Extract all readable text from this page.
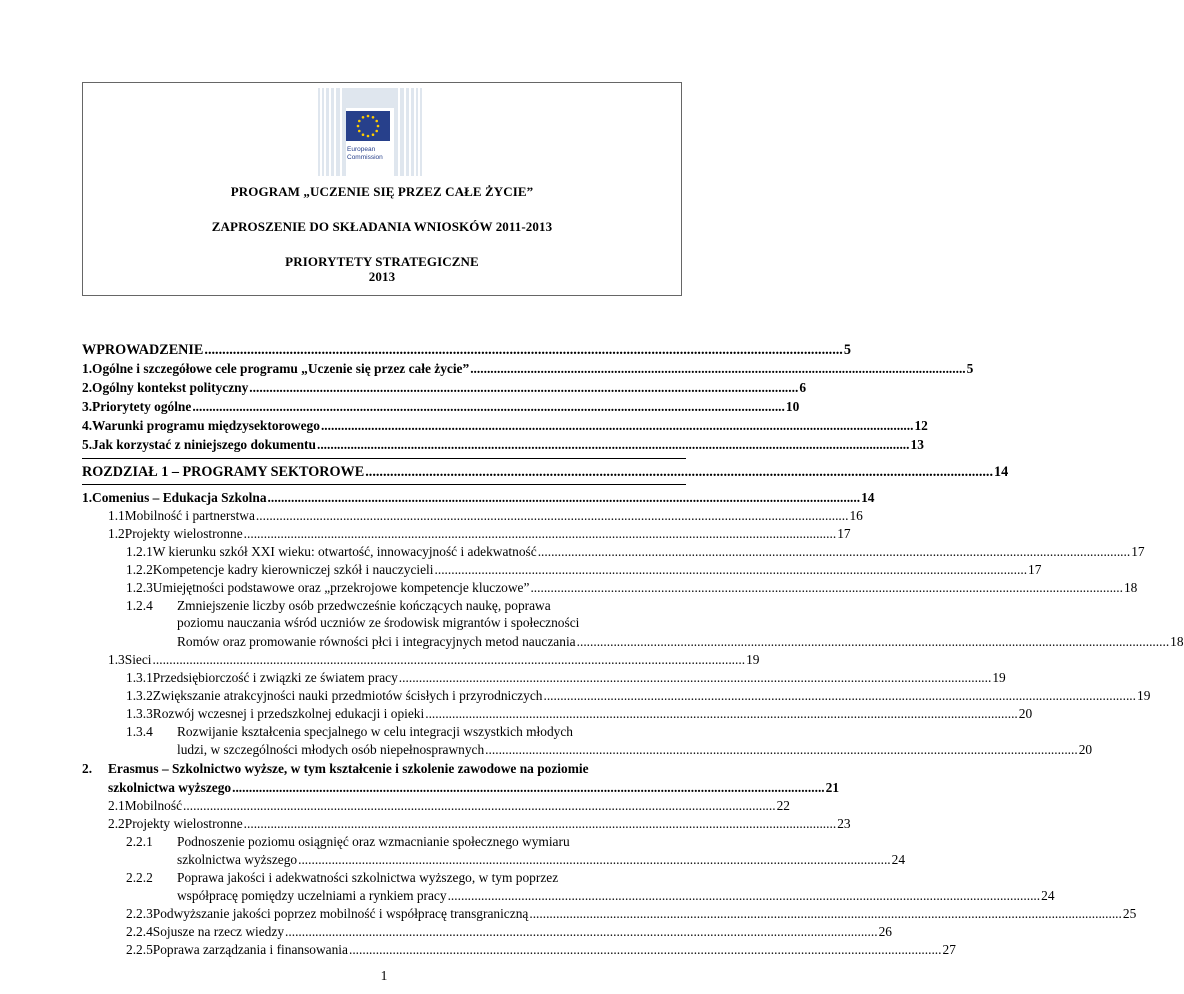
European
Commission
PROGRAM „UCZENIE SIĘ PRZEZ CAŁE ŻYCIE”
ZAPROSZENIE DO SKŁADANIA WNIOSKÓW 2011-2013
PRIORYTETY STRATEGICZNE
2013
WPROWADZENIE .................................................................................................................................................................................... 5
1. Ogólne i szczegółowe cele programu „Uczenie się przez całe życie” .................................................................................................................................................... 5
2. Ogólny kontekst polityczny .................................................................................................................................................................... 6
3. Priorytety ogólne ................................................................................................................................................................................. 10
4. Warunki programu międzysektorowego ................................................................................................................................................................................. 12
5. Jak korzystać z niniejszego dokumentu ................................................................................................................................................................................. 13
ROZDZIAŁ 1 – PROGRAMY SEKTOROWE ................................................................................................................................................................................. 14
1. Comenius – Edukacja Szkolna ................................................................................................................................................................................. 14
1.1 Mobilność i partnerstwa ................................................................................................................................................................................. 16
1.2 Projekty wielostronne ................................................................................................................................................................................. 17
1.2.1 W kierunku szkół XXI wieku: otwartość, innowacyjność i adekwatność ................................................................................................................................................................................. 17
1.2.2 Kompetencje kadry kierowniczej szkół i nauczycieli ................................................................................................................................................................................. 17
1.2.3 Umiejętności podstawowe oraz „przekrojowe kompetencje kluczowe” ................................................................................................................................................................................. 18
1.2.4	Zmniejszenie liczby osób przedwcześnie kończących naukę, poprawa
poziomu nauczania wśród uczniów ze środowisk migrantów i społeczności
Romów oraz promowanie równości płci i integracyjnych metod nauczania ................................................................................................................................................................................. 18
1.3 Sieci ................................................................................................................................................................................. 19
1.3.1 Przedsiębiorczość i związki ze światem pracy ................................................................................................................................................................................. 19
1.3.2 Zwiększanie atrakcyjności nauki przedmiotów ścisłych i przyrodniczych ................................................................................................................................................................................. 19
1.3.3 Rozwój wczesnej i przedszkolnej edukacji i opieki ................................................................................................................................................................................. 20
1.3.4	Rozwijanie kształcenia specjalnego w celu integracji wszystkich młodych
ludzi, w szczególności młodych osób niepełnosprawnych ................................................................................................................................................................................. 20
2.	Erasmus – Szkolnictwo wyższe, w tym kształcenie i szkolenie zawodowe na poziomie
szkolnictwa wyższego ................................................................................................................................................................................. 21
2.1 Mobilność ................................................................................................................................................................................. 22
2.2 Projekty wielostronne ................................................................................................................................................................................. 23
2.2.1	Podnoszenie poziomu osiągnięć oraz wzmacnianie społecznego wymiaru
szkolnictwa wyższego ................................................................................................................................................................................. 24
2.2.2	Poprawa jakości i adekwatności szkolnictwa wyższego, w tym poprzez
współpracę pomiędzy uczelniami a rynkiem pracy ................................................................................................................................................................................. 24
2.2.3 Podwyższanie jakości poprzez mobilność i współpracę transgraniczną ................................................................................................................................................................................. 25
2.2.4 Sojusze na rzecz wiedzy ................................................................................................................................................................................. 26
2.2.5 Poprawa zarządzania i finansowania ................................................................................................................................................................................. 27
1
